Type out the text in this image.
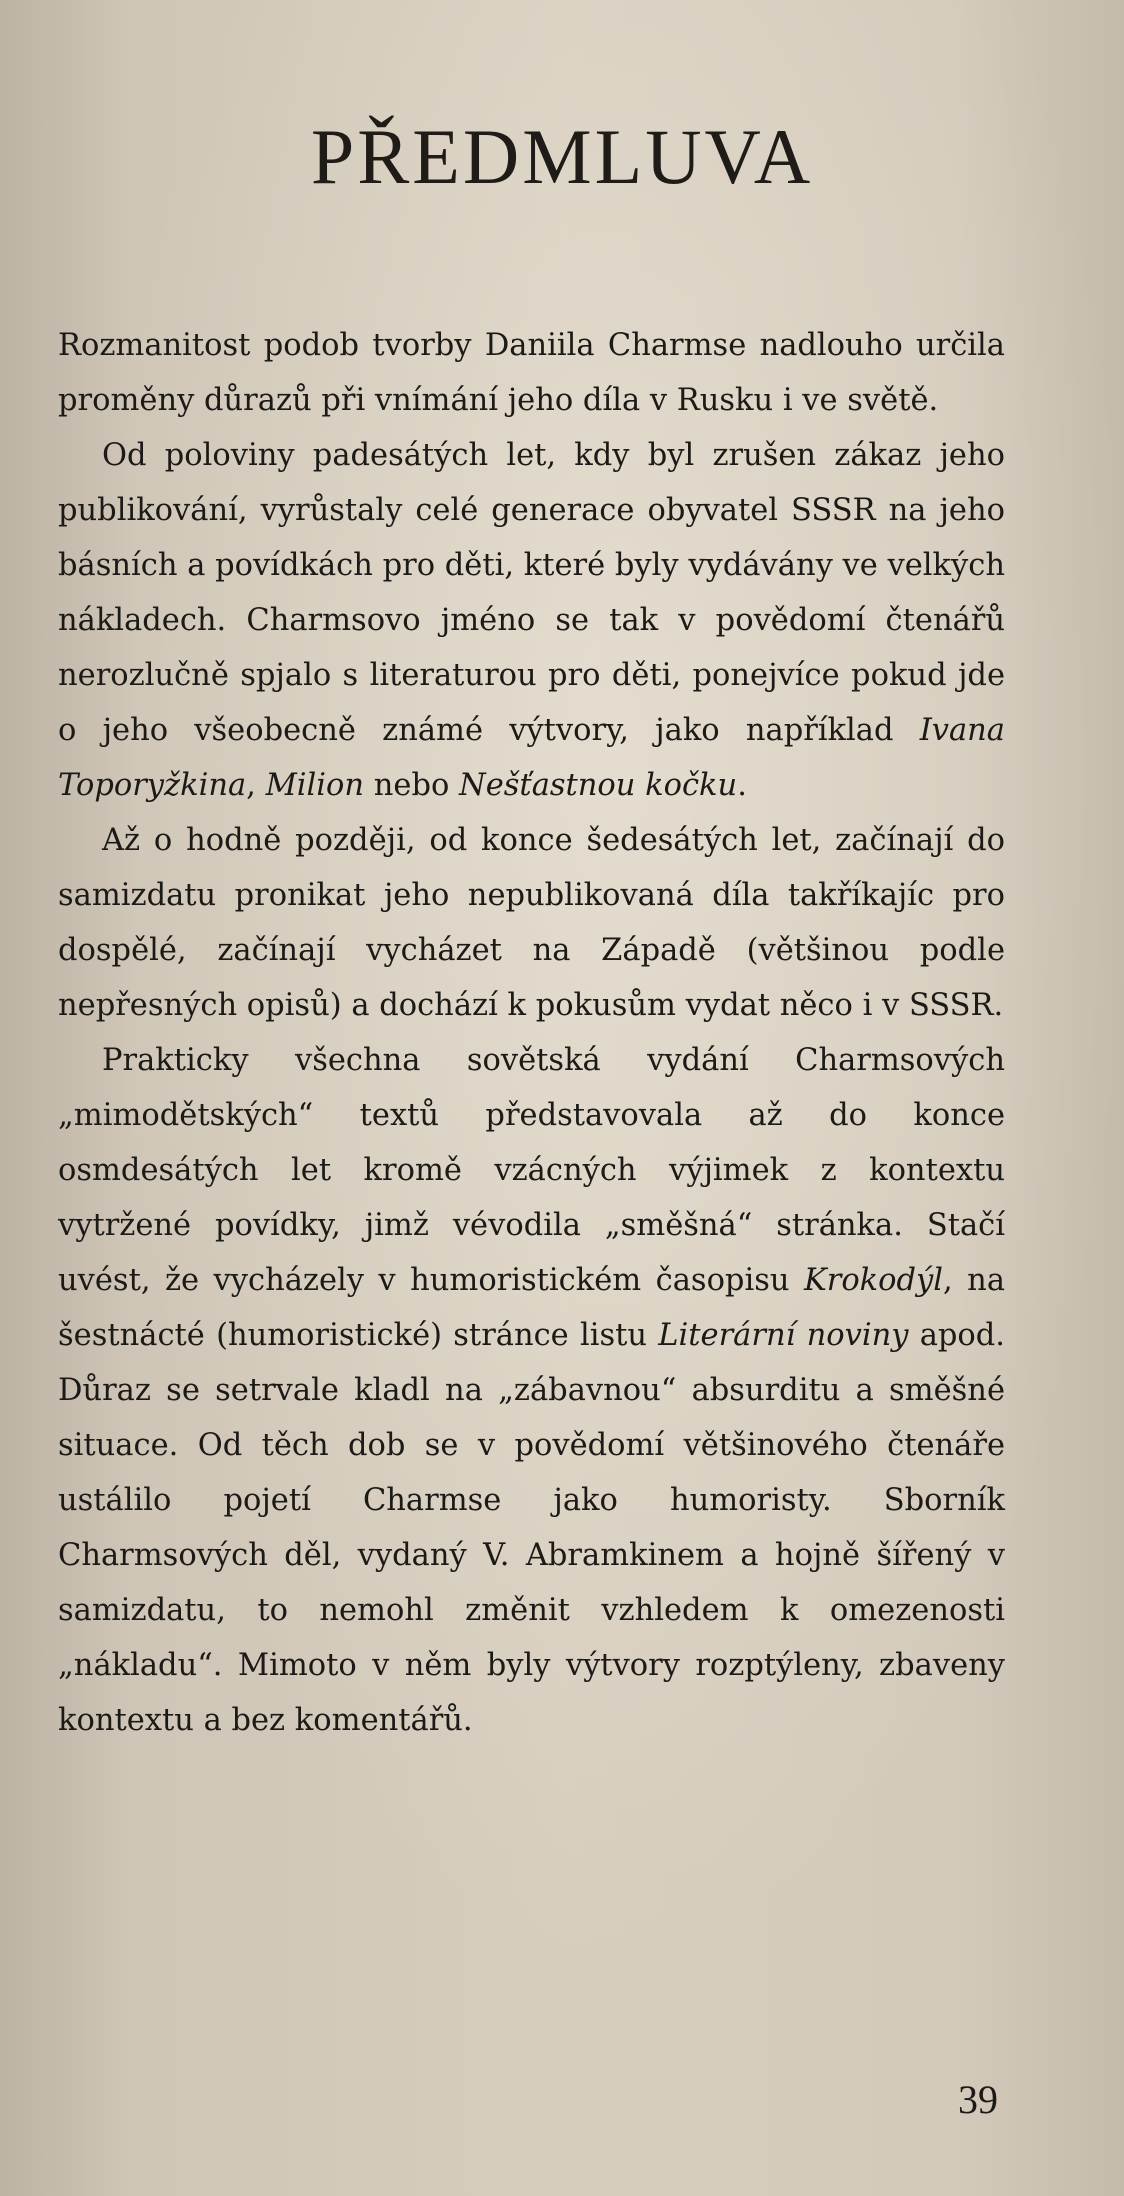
PŘEDMLUVA

Rozmanitost podob tvorby Daniila Charmse nadlouho určila proměny důrazů při vnímání jeho díla v Rusku i ve světě.

Od poloviny padesátých let, kdy byl zrušen zákaz jeho publikování, vyrůstaly celé generace obyvatel SSSR na jeho básních a povídkách pro děti, které byly vydávány ve velkých nákladech. Charmsovo jméno se tak v povědomí čtenářů nerozlučně spjalo s literaturou pro děti, ponejvíce pokud jde o jeho všeobecně známé výtvory, jako například Ivana Toporyžkina, Milion nebo Nešťastnou kočku.

Až o hodně později, od konce šedesátých let, začínají do samizdatu pronikat jeho nepublikovaná díla takříkajíc pro dospělé, začínají vycházet na Západě (většinou podle nepřesných opisů) a dochází k pokusům vydat něco i v SSSR.

Prakticky všechna sovětská vydání Charmsových „mimodětských“ textů představovala až do konce osmdesátých let kromě vzácných výjimek z kontextu vytržené povídky, jimž vévodila „směšná“ stránka. Stačí uvést, že vycházely v humoristickém časopisu Krokodýl, na šestnácté (humoristické) stránce listu Literární noviny apod. Důraz se setrvale kladl na „zábavnou“ absurditu a směšné situace. Od těch dob se v povědomí většinového čtenáře ustálilo pojetí Charmse jako humoristy. Sborník Charmsových děl, vydaný V. Abramkinem a hojně šířený v samizdatu, to nemohl změnit vzhledem k omezenosti „nákladu“. Mimoto v něm byly výtvory rozptýleny, zbaveny kontextu a bez komentářů.

39
